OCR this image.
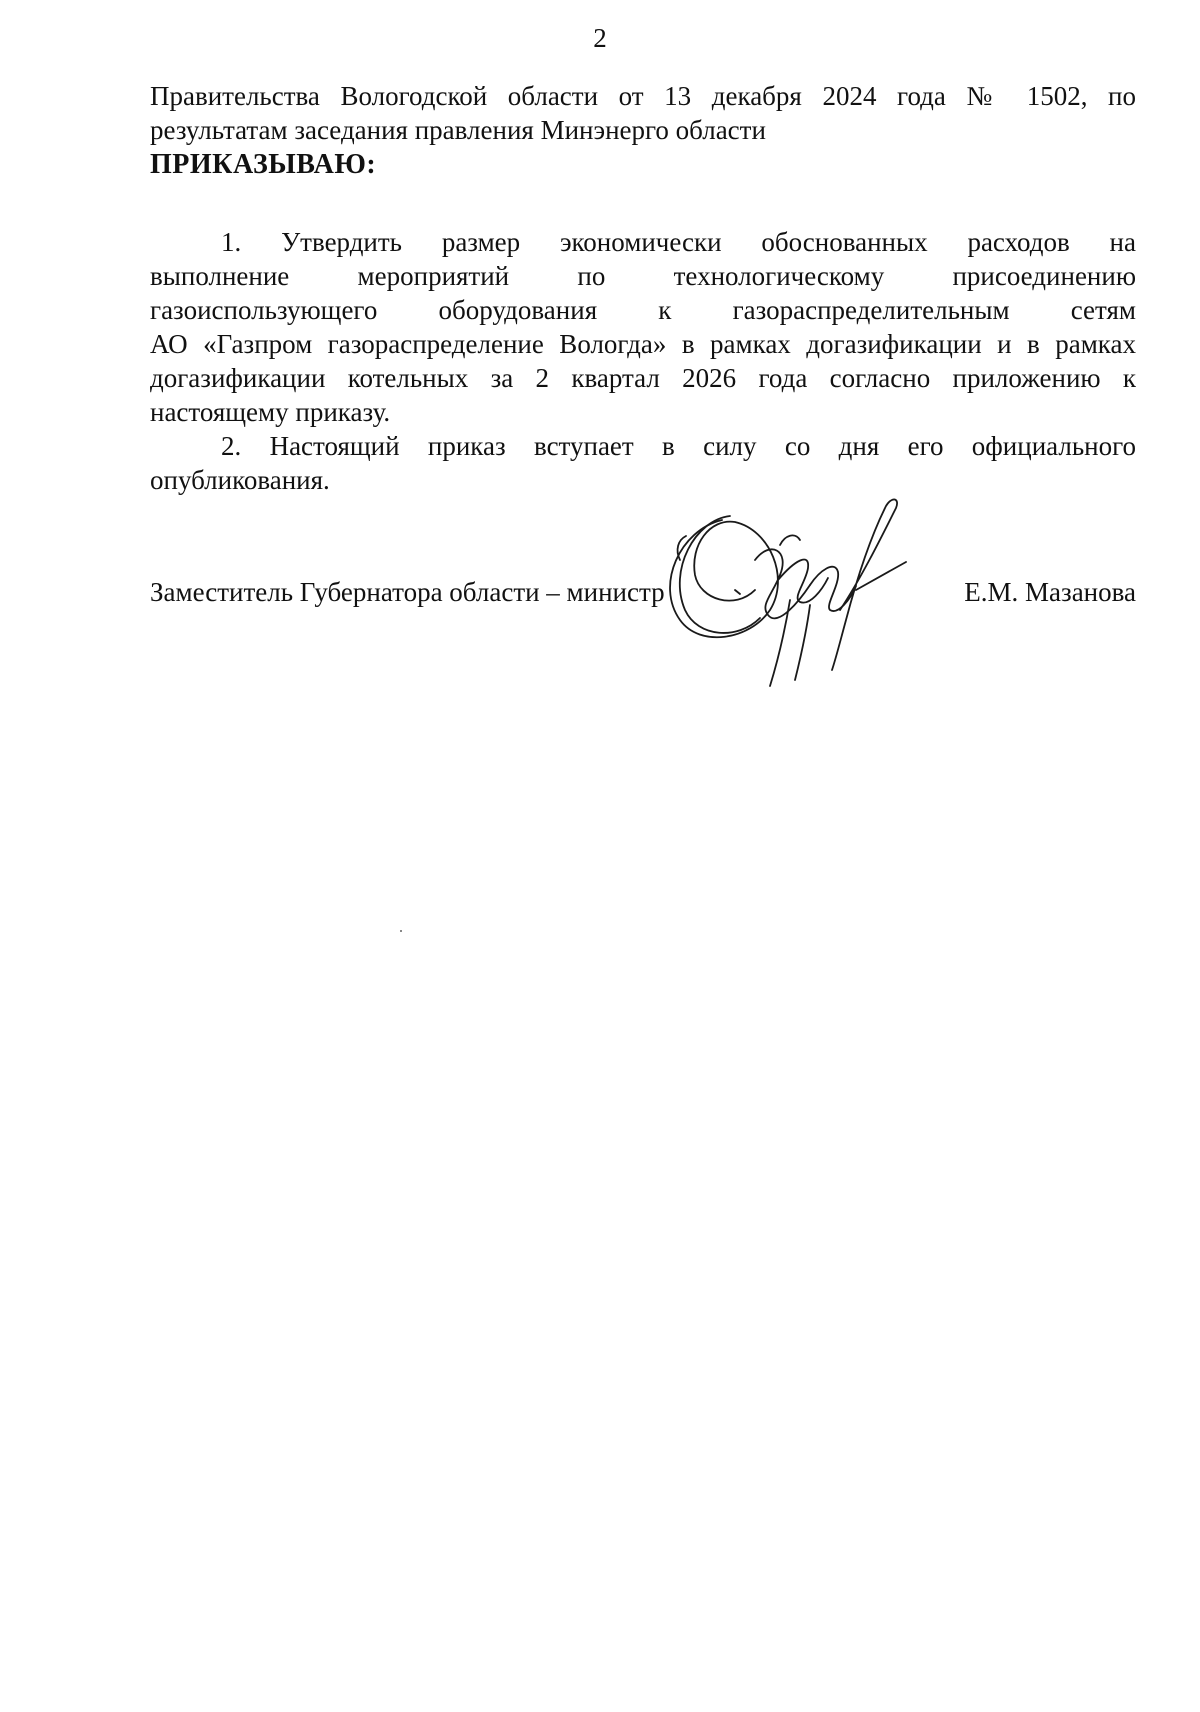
2

Правительства Вологодской области от 13 декабря 2024 года № 1502, по

результатам заседания правления Минэнерго области

ПРИКАЗЫВАЮ:

1. Утвердить размер экономически обоснованных расходов на

выполнение мероприятий по технологическому присоединению

газоиспользующего оборудования к газораспределительным сетям

АО «Газпром газораспределение Вологда» в рамках догазификации и в рамках

догазификации котельных за 2 квартал 2026 года согласно приложению к

настоящему приказу.

2. Настоящий приказ вступает в силу со дня его официального

опубликования.

Заместитель Губернатора области – министр	Е.М. Мазанова
